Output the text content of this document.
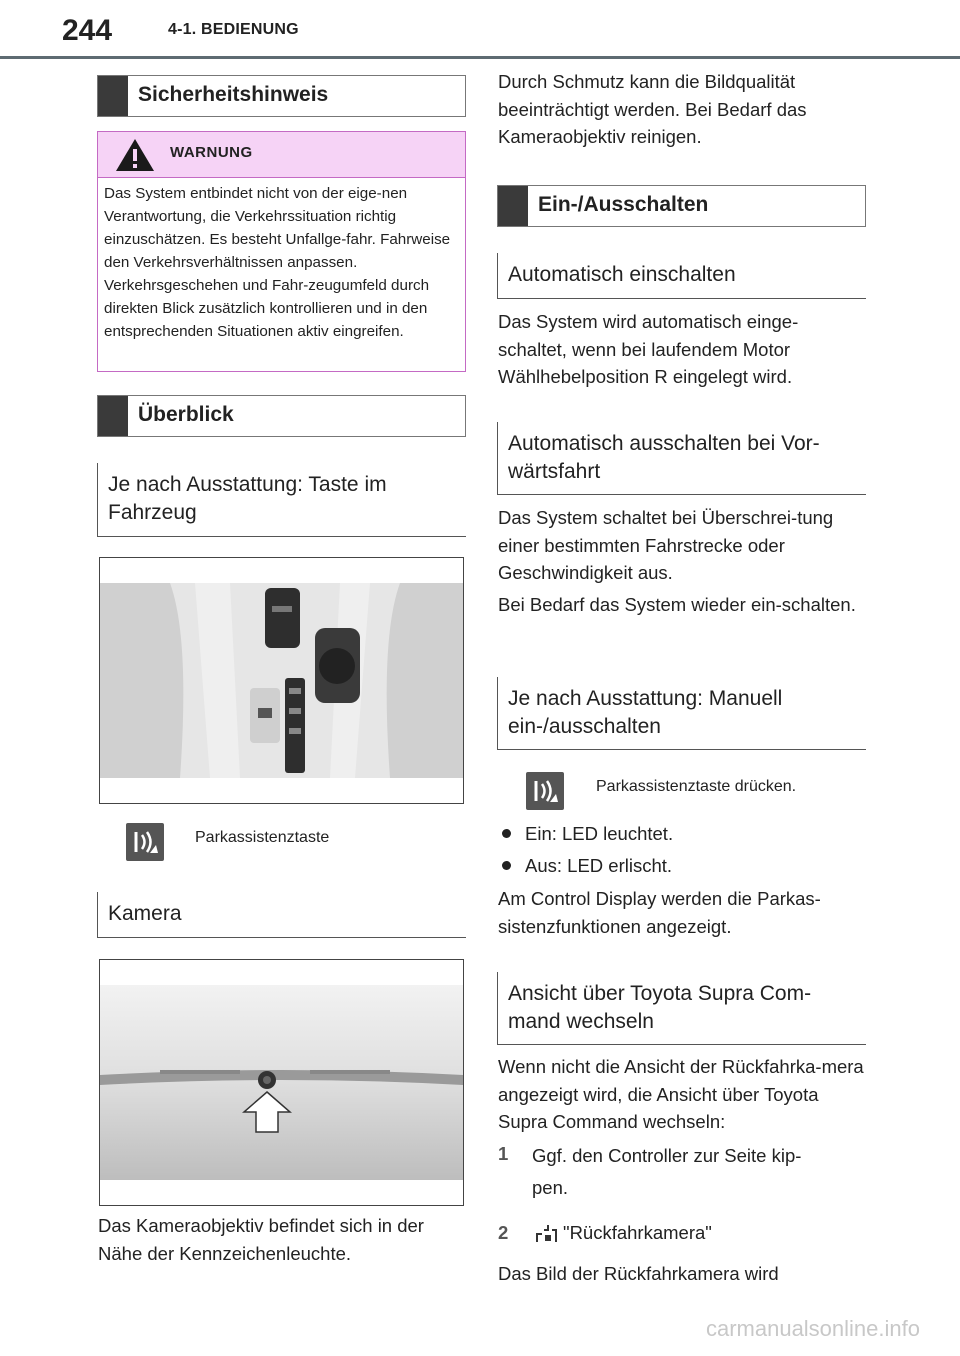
244	4-1. BEDIENUNG
Sicherheitshinweis
WARNUNG
Das System entbindet nicht von der eige-nen Verantwortung, die Verkehrssituation richtig einzuschätzen. Es besteht Unfallge-fahr. Fahrweise den Verkehrsverhältnissen anpassen. Verkehrsgeschehen und Fahr-zeugumfeld durch direkten Blick zusätzlich kontrollieren und in den entsprechenden Situationen aktiv eingreifen.
Überblick
Je nach Ausstattung: Taste im Fahrzeug
Parkassistenztaste
Kamera
Das Kameraobjektiv befindet sich in der Nähe der Kennzeichenleuchte.
Durch Schmutz kann die Bildqualität beeinträchtigt werden. Bei Bedarf das Kameraobjektiv reinigen.
Ein-/Ausschalten
Automatisch einschalten
Das System wird automatisch einge-schaltet, wenn bei laufendem Motor Wählhebelposition R eingelegt wird.
Automatisch ausschalten bei Vor-wärtsfahrt
Das System schaltet bei Überschrei-tung einer bestimmten Fahrstrecke oder Geschwindigkeit aus.
Bei Bedarf das System wieder ein-schalten.
Je nach Ausstattung: Manuell ein-/ausschalten
Parkassistenztaste drücken.
Ein: LED leuchtet.
Aus: LED erlischt.
Am Control Display werden die Parkas-sistenzfunktionen angezeigt.
Ansicht über Toyota Supra Com-mand wechseln
Wenn nicht die Ansicht der Rückfahrka-mera angezeigt wird, die Ansicht über Toyota Supra Command wechseln:
1 Ggf. den Controller zur Seite kip-pen.
2	"Rückfahrkamera"
Das Bild der Rückfahrkamera wird
carmanualsonline.info
